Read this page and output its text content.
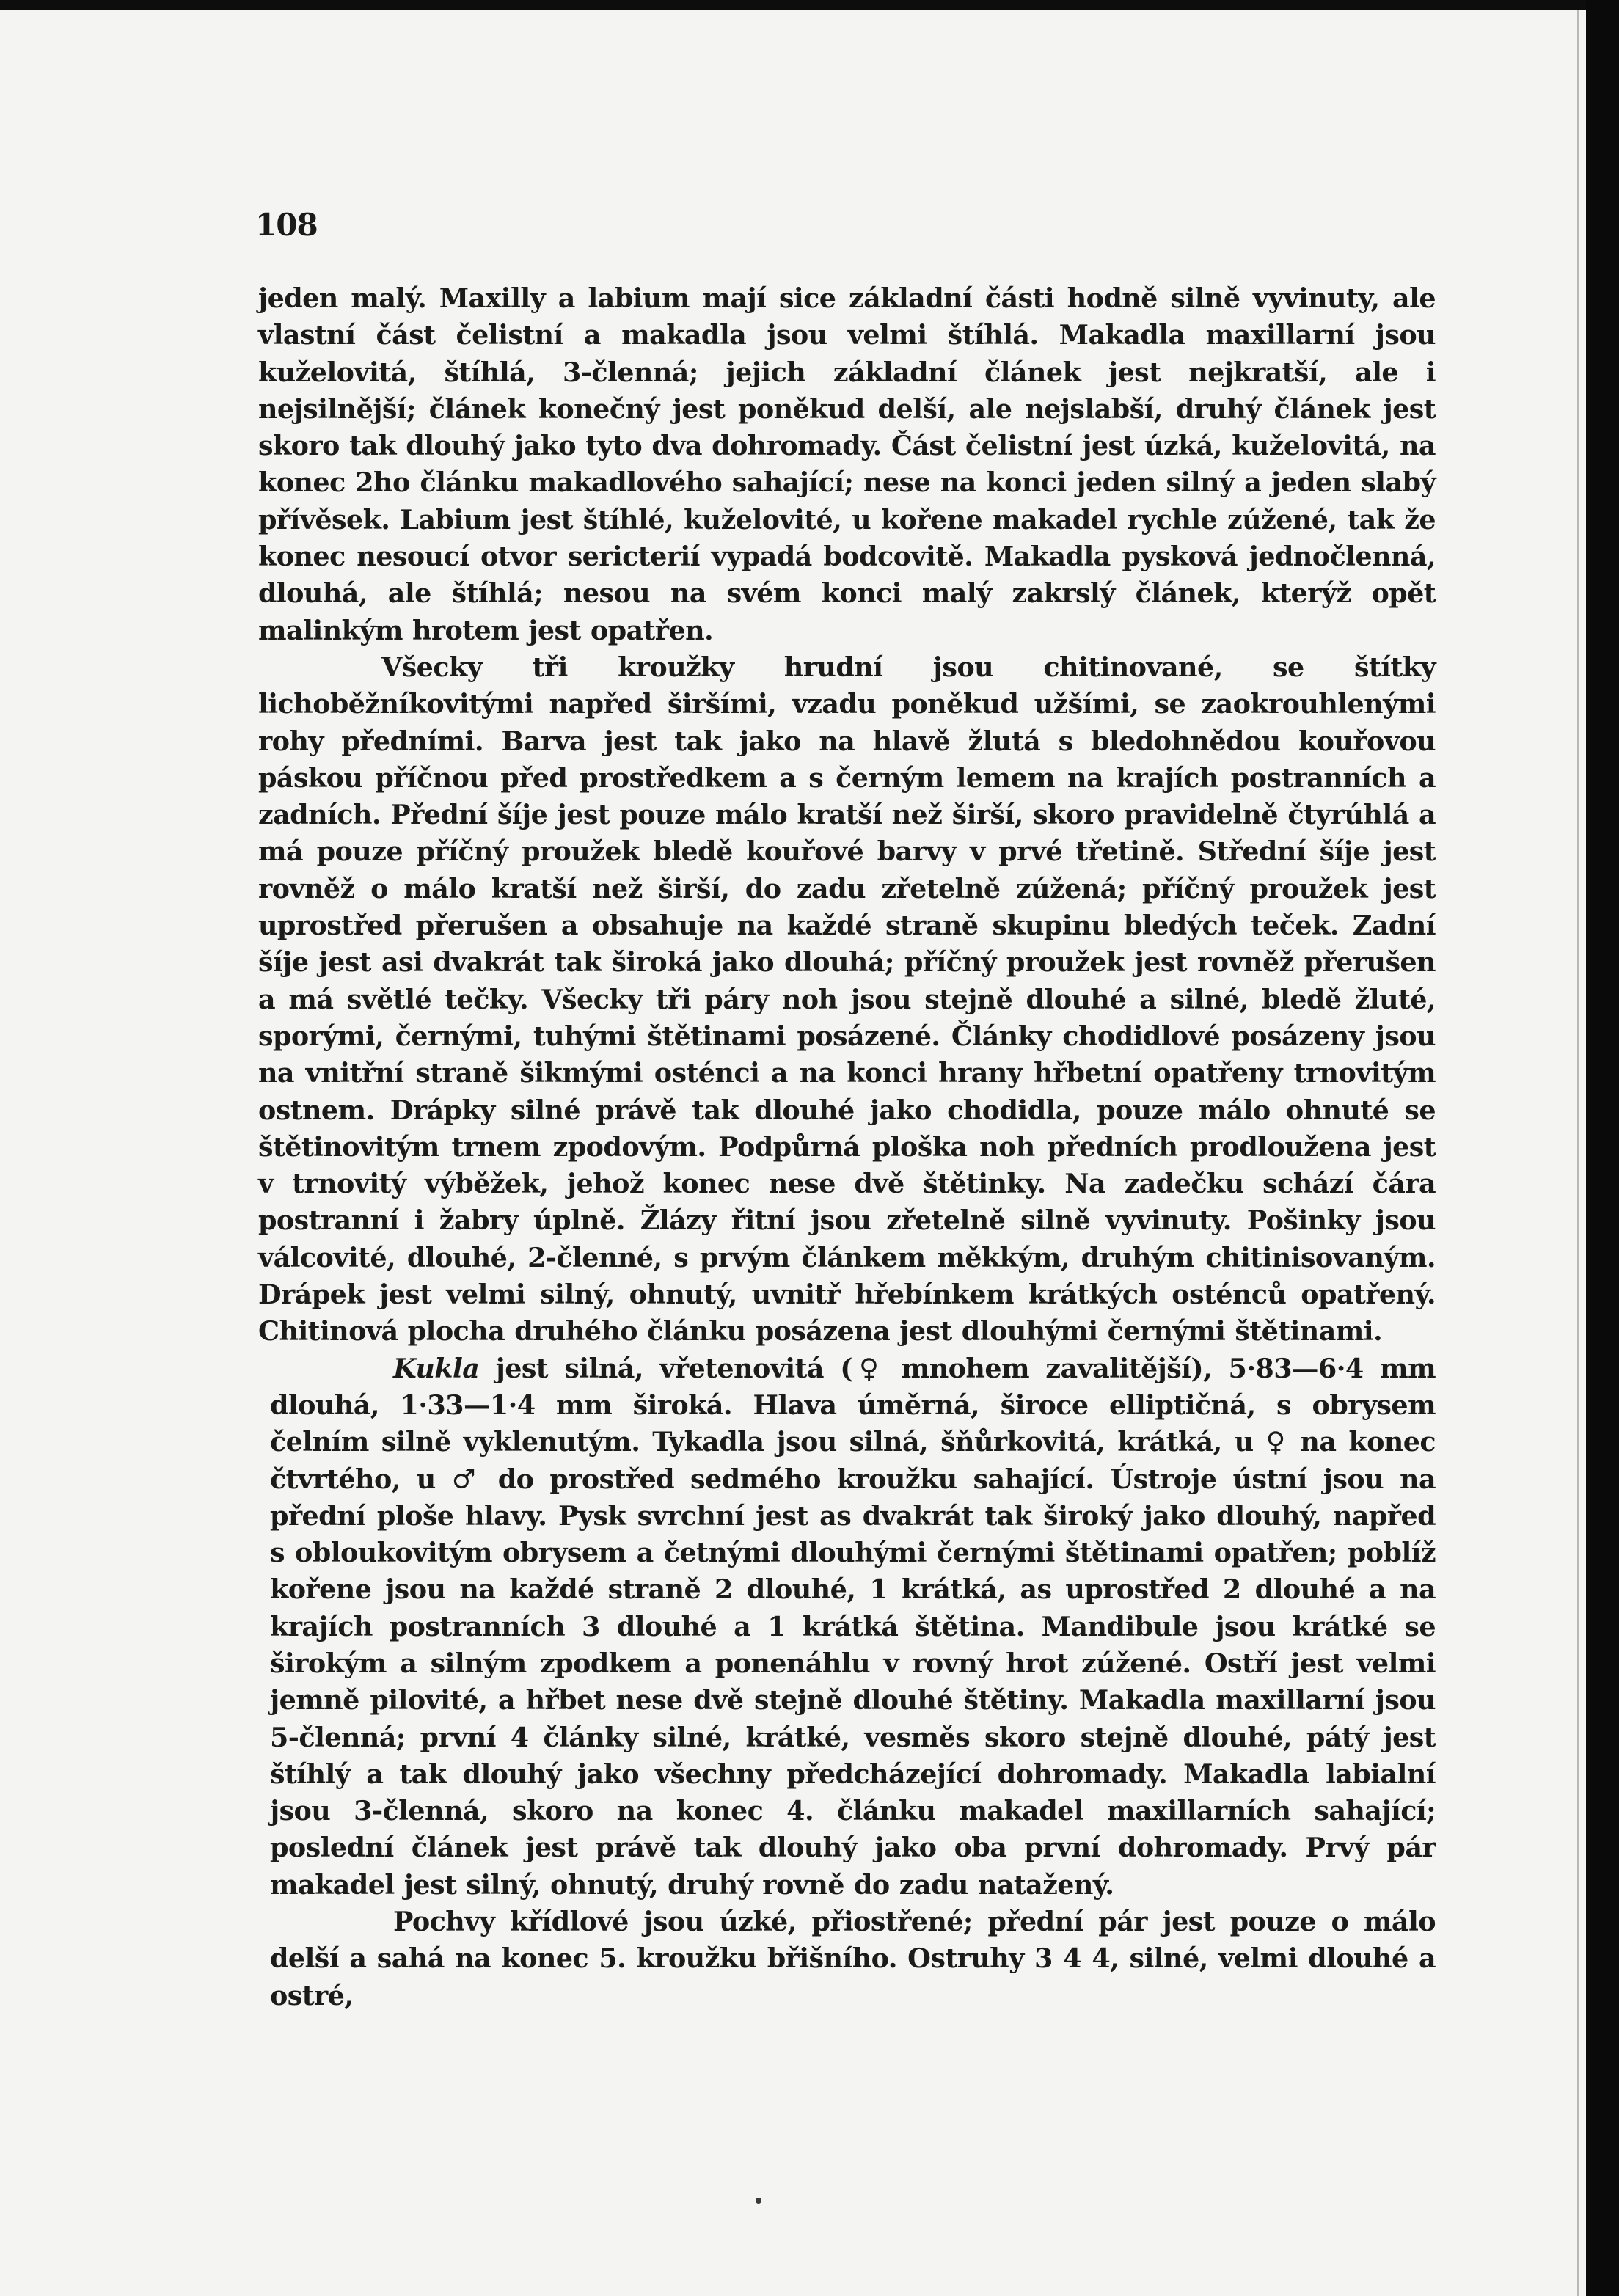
108

jeden malý. Maxilly a labium mají sice základní části hodně silně vyvinuty, ale vlastní část čelistní a makadla jsou velmi štíhlá. Makadla maxillarní jsou kuželovitá, štíhlá, 3-členná; jejich základní článek jest nejkratší, ale i nejsilnější; článek konečný jest poněkud delší, ale nejslabší, druhý článek jest skoro tak dlouhý jako tyto dva dohromady. Část čelistní jest úzká, kuželovitá, na konec 2ho článku makadlového sahající; nese na konci jeden silný a jeden slabý přívěsek. Labium jest štíhlé, kuželovité, u kořene makadel rychle zúžené, tak že konec nesoucí otvor sericterií vypadá bodcovitě. Makadla pysková jednočlenná, dlouhá, ale štíhlá; nesou na svém konci malý zakrslý článek, kterýž opět malinkým hrotem jest opatřen.

Všecky tři kroužky hrudní jsou chitinované, se štítky lichoběžníkovitými napřed širšími, vzadu poněkud užšími, se zaokrouhlenými rohy předními. Barva jest tak jako na hlavě žlutá s bledohnědou kouřovou páskou příčnou před prostředkem a s černým lemem na krajích postranních a zadních. Přední šíje jest pouze málo kratší než širší, skoro pravidelně čtyrúhlá a má pouze příčný proužek bledě kouřové barvy v prvé třetině. Střední šíje jest rovněž o málo kratší než širší, do zadu zřetelně zúžená; příčný proužek jest uprostřed přerušen a obsahuje na každé straně skupinu bledých teček. Zadní šíje jest asi dvakrát tak široká jako dlouhá; příčný proužek jest rovněž přerušen a má světlé tečky. Všecky tři páry noh jsou stejně dlouhé a silné, bledě žluté, sporými, černými, tuhými štětinami posázené. Články chodidlové posázeny jsou na vnitřní straně šikmými osténci a na konci hrany hřbetní opatřeny trnovitým ostnem. Drápky silné právě tak dlouhé jako chodidla, pouze málo ohnuté se štětinovitým trnem zpodovým. Podpůrná ploška noh předních prodloužena jest v trnovitý výběžek, jehož konec nese dvě štětinky. Na zadečku schází čára postranní i žabry úplně. Žlázy řitní jsou zřetelně silně vyvinuty. Pošinky jsou válcovité, dlouhé, 2-členné, s prvým článkem měkkým, druhým chitinisovaným. Drápek jest velmi silný, ohnutý, uvnitř hřebínkem krátkých osténců opatřený. Chitinová plocha druhého článku posázena jest dlouhými černými štětinami.

Kukla jest silná, vřetenovitá (♀ mnohem zavalitější), 5·83—6·4 mm dlouhá, 1·33—1·4 mm široká. Hlava úměrná, široce elliptičná, s obrysem čelním silně vyklenutým. Tykadla jsou silná, šňůrkovitá, krátká, u ♀ na konec čtvrtého, u ♂ do prostřed sedmého kroužku sahající. Ústroje ústní jsou na přední ploše hlavy. Pysk svrchní jest as dvakrát tak široký jako dlouhý, napřed s obloukovitým obrysem a četnými dlouhými černými štětinami opatřen; poblíž kořene jsou na každé straně 2 dlouhé, 1 krátká, as uprostřed 2 dlouhé a na krajích postranních 3 dlouhé a 1 krátká štětina. Mandibule jsou krátké se širokým a silným zpodkem a ponenáhlu v rovný hrot zúžené. Ostří jest velmi jemně pilovité, a hřbet nese dvě stejně dlouhé štětiny. Makadla maxillarní jsou 5-členná; první 4 články silné, krátké, vesměs skoro stejně dlouhé, pátý jest štíhlý a tak dlouhý jako všechny předcházející dohromady. Makadla labialní jsou 3-členná, skoro na konec 4. článku makadel maxillarních sahající; poslední článek jest právě tak dlouhý jako oba první dohromady. Prvý pár makadel jest silný, ohnutý, druhý rovně do zadu natažený.

Pochvy křídlové jsou úzké, přiostřené; přední pár jest pouze o málo delší a sahá na konec 5. kroužku břišního. Ostruhy 3 4 4, silné, velmi dlouhé a ostré,
